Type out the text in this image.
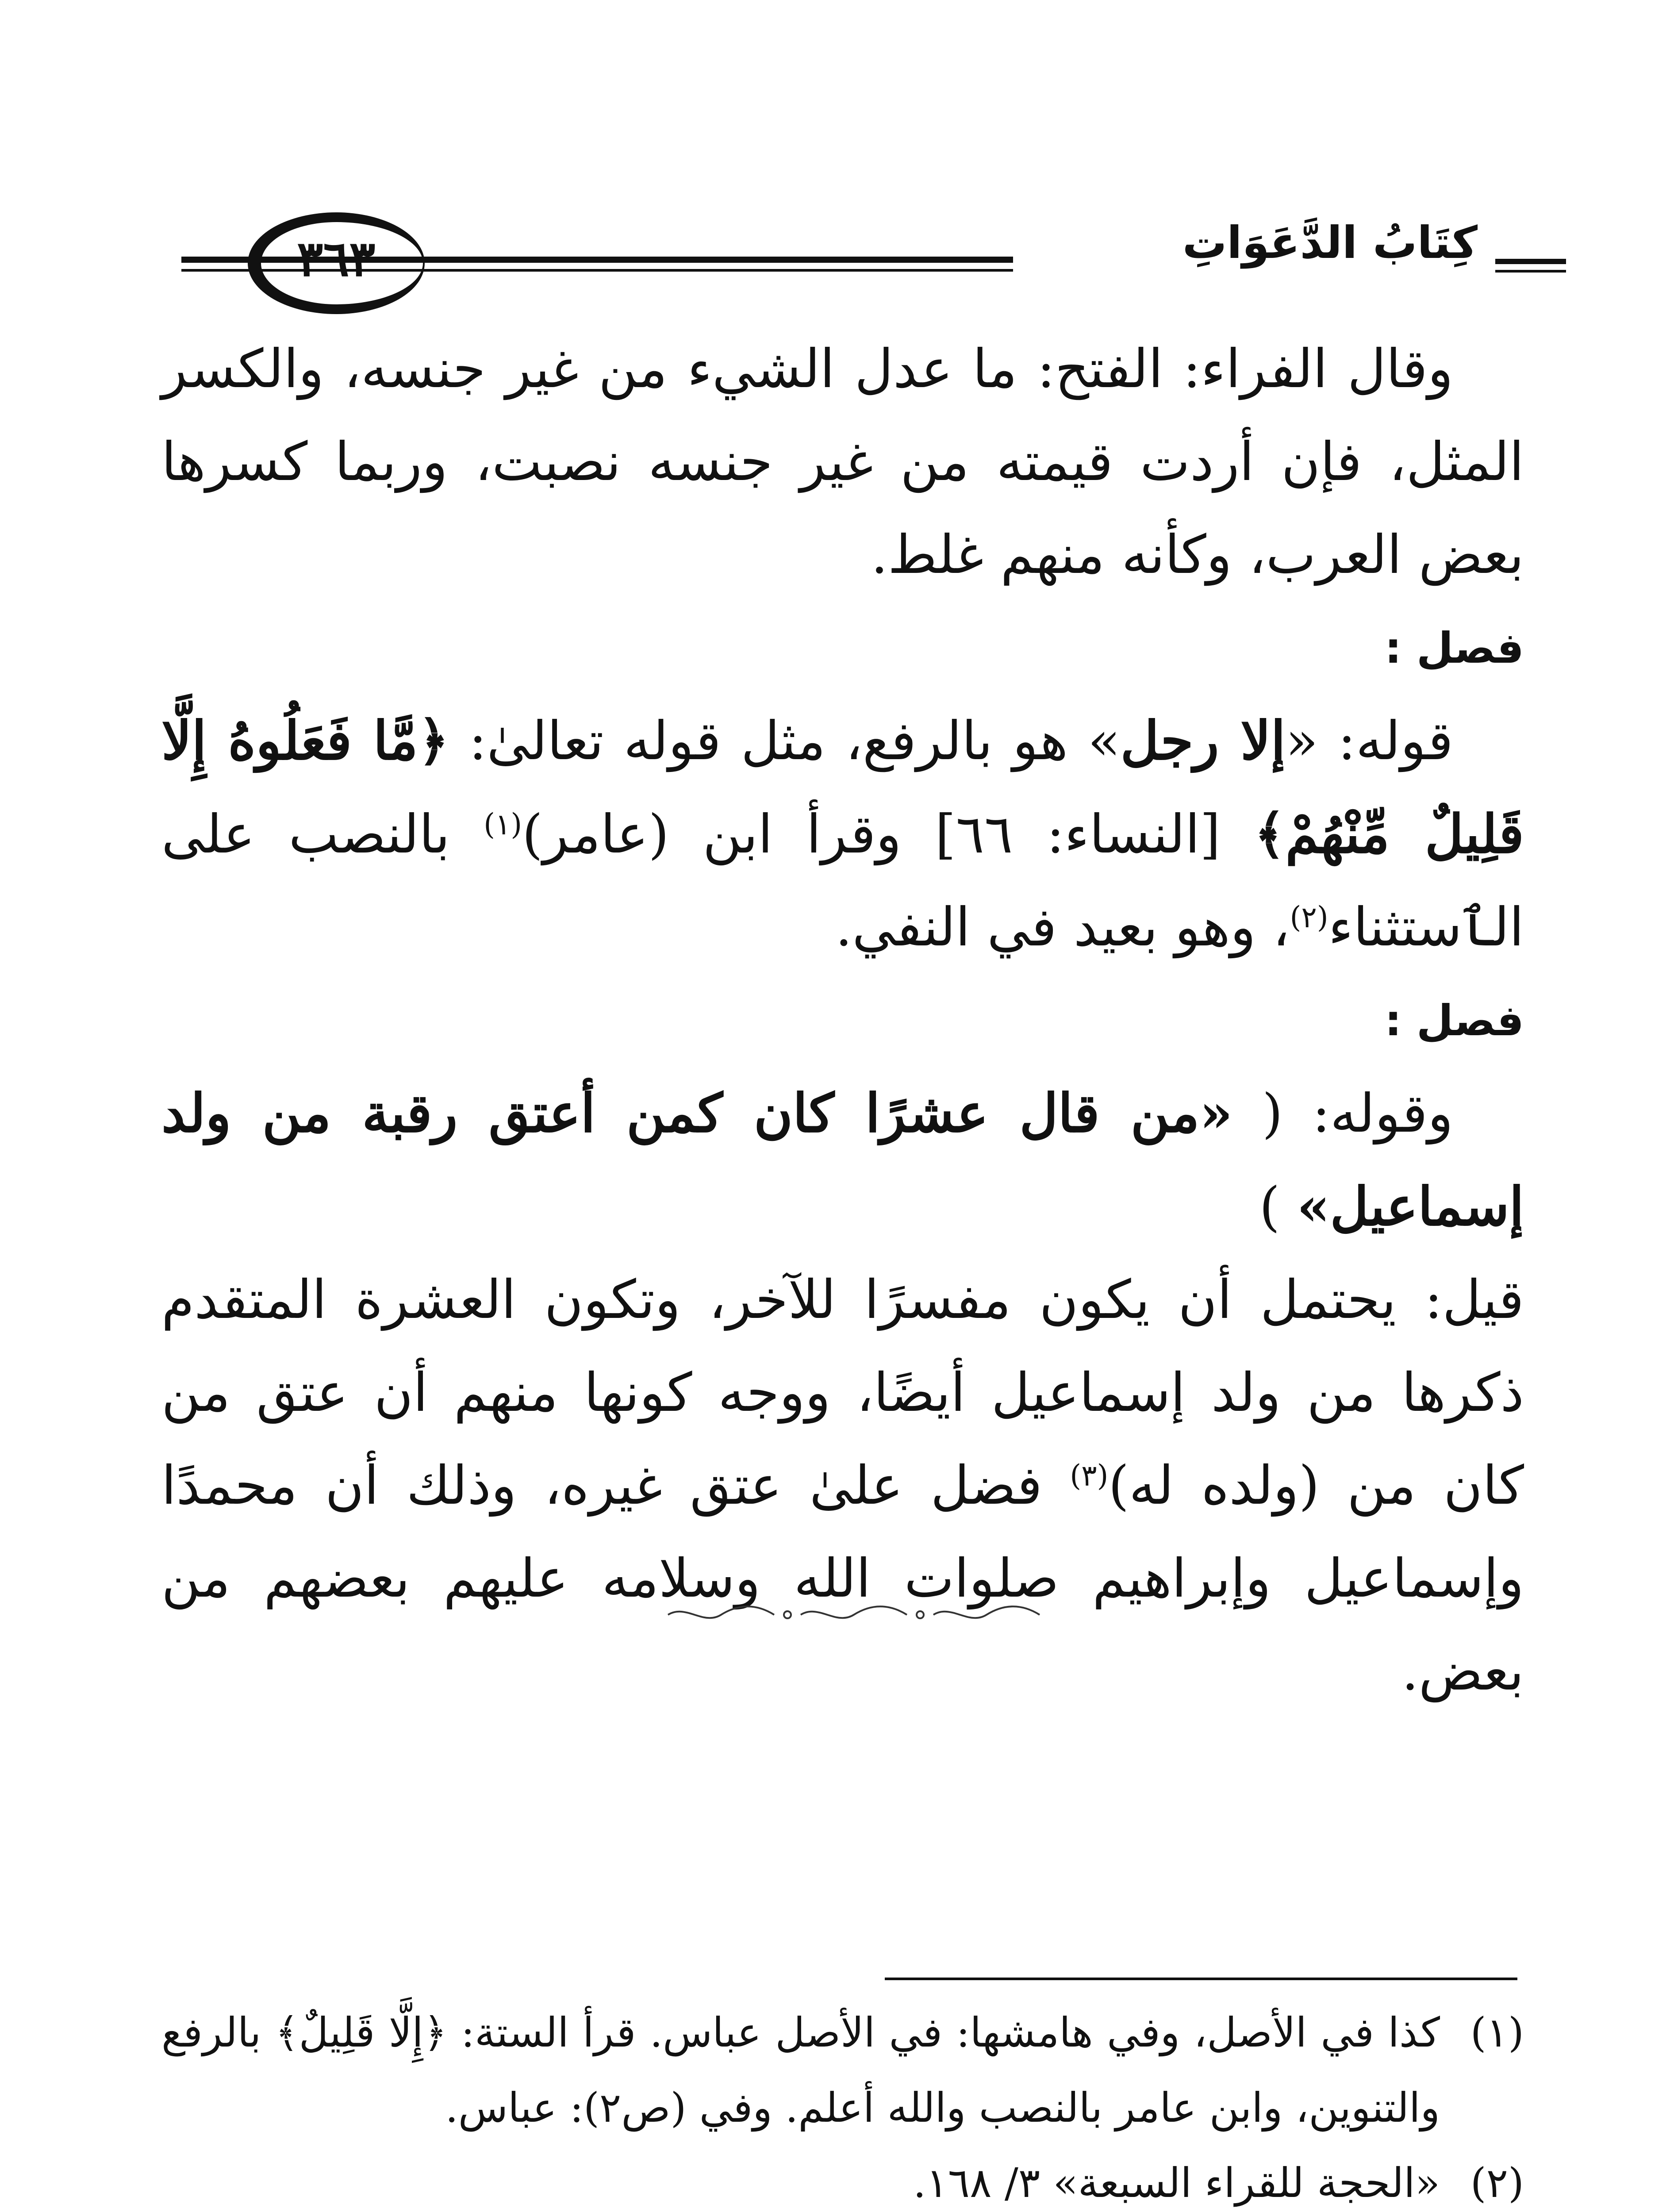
كِتَابُ الدَّعَوَاتِ
٣٦٣

وقال الفراء: الفتح: ما عدل الشيء من غير جنسه، والكسر المثل، فإن أردت قيمته من غير جنسه نصبت، وربما كسرها بعض العرب، وكأنه منهم غلط.

فصل :

قوله: «إلا رجل» هو بالرفع، مثل قوله تعالىٰ: ﴿مَّا فَعَلُوهُ إِلَّا قَلِيلٌ مِّنْهُمْ﴾ [النساء: ٦٦] وقرأ ابن (عامر)$^{(١)}$ بالنصب على الٱستثناء$^{(٢)}$، وهو بعيد في النفي.

فصل :

وقوله: ( «من قال عشرًا كان كمن أعتق رقبة من ولد إسماعيل» )

قيل: يحتمل أن يكون مفسرًا للآخر، وتكون العشرة المتقدم ذكرها من ولد إسماعيل أيضًا، ووجه كونها منهم أن عتق من كان من (ولده له)$^{(٣)}$ فضل علىٰ عتق غيره، وذلك أن محمدًا وإسماعيل وإبراهيم صلوات الله وسلامه عليهم بعضهم من بعض.

(١)
كذا في الأصل، وفي هامشها: في الأصل عباس. قرأ الستة: ﴿إِلَّا قَلِيلٌ﴾ بالرفع والتنوين، وابن عامر بالنصب والله أعلم. وفي (ص٢): عباس.
(٢)
«الحجة للقراء السبعة» ٣/ ١٦٨.
